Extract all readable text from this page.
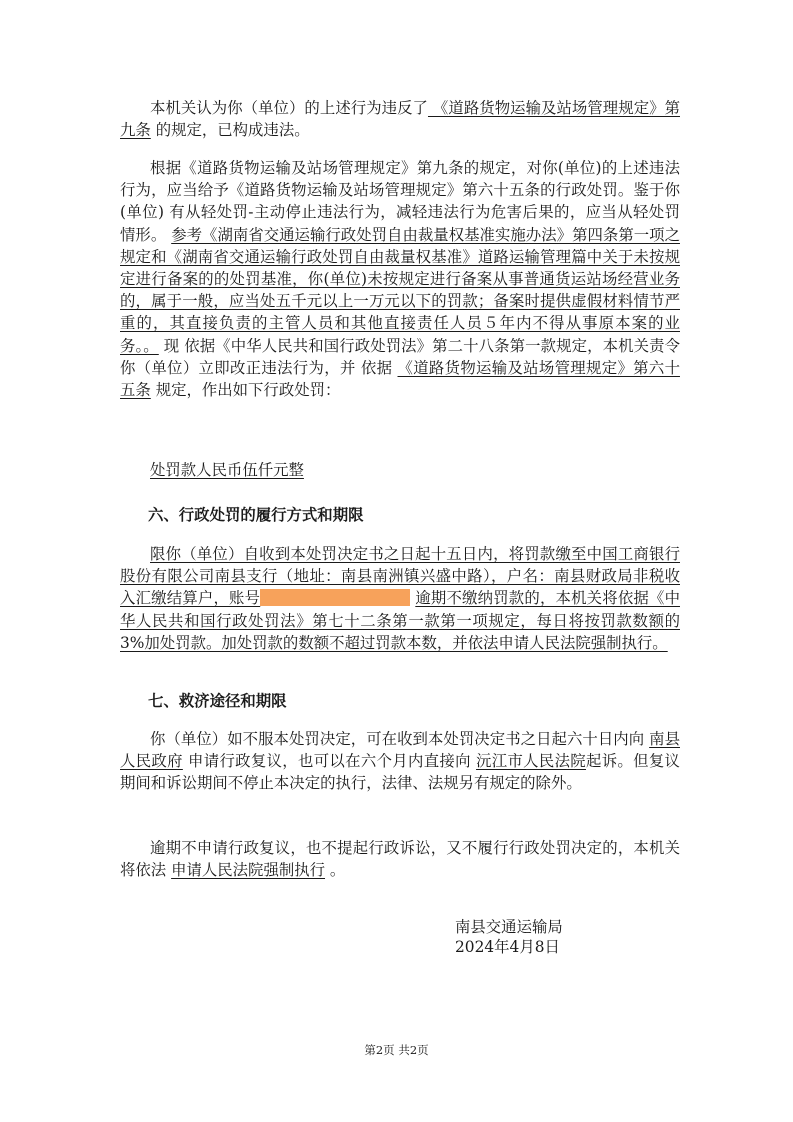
本机关认为你（单位）的上述行为违反了 《道路货物运输及站场管理规定》第九条 的规定，已构成违法。
根据《道路货物运输及站场管理规定》第九条的规定，对你(单位)的上述违法行为，应当给予《道路货物运输及站场管理规定》第六十五条的行政处罚。鉴于你(单位) 有从轻处罚-主动停止违法行为，减轻违法行为危害后果的，应当从轻处罚情形。 参考《湖南省交通运输行政处罚自由裁量权基准实施办法》第四条第一项之规定和《湖南省交通运输行政处罚自由裁量权基准》道路运输管理篇中关于未按规定进行备案的的处罚基准，你(单位)未按规定进行备案从事普通货运站场经营业务的，属于一般，应当处五千元以上一万元以下的罚款；备案时提供虚假材料情节严重的，其直接负责的主管人员和其他直接责任人员５年内不得从事原本案的业务。。 现 依据《中华人民共和国行政处罚法》第二十八条第一款规定，本机关责令你（单位）立即改正违法行为，并 依据 《道路货物运输及站场管理规定》第六十五条 规定，作出如下行政处罚：
处罚款人民币伍仟元整
六、行政处罚的履行方式和期限
限你（单位）自收到本处罚决定书之日起十五日内，将罚款缴至中国工商银行股份有限公司南县支行（地址：南县南洲镇兴盛中路），户名：南县财政局非税收入汇缴结算户，账号	逾期不缴纳罚款的，本机关将依据《中华人民共和国行政处罚法》第七十二条第一款第一项规定，每日将按罚款数额的3%加处罚款。加处罚款的数额不超过罚款本数，并依法申请人民法院强制执行。
七、救济途径和期限
你（单位）如不服本处罚决定，可在收到本处罚决定书之日起六十日内向 南县人民政府 申请行政复议，也可以在六个月内直接向 沅江市人民法院起诉。但复议期间和诉讼期间不停止本决定的执行，法律、法规另有规定的除外。
逾期不申请行政复议，也不提起行政诉讼，又不履行行政处罚决定的，本机关将依法 申请人民法院强制执行 。
南县交通运输局
2024年4月8日
第2页 共2页
